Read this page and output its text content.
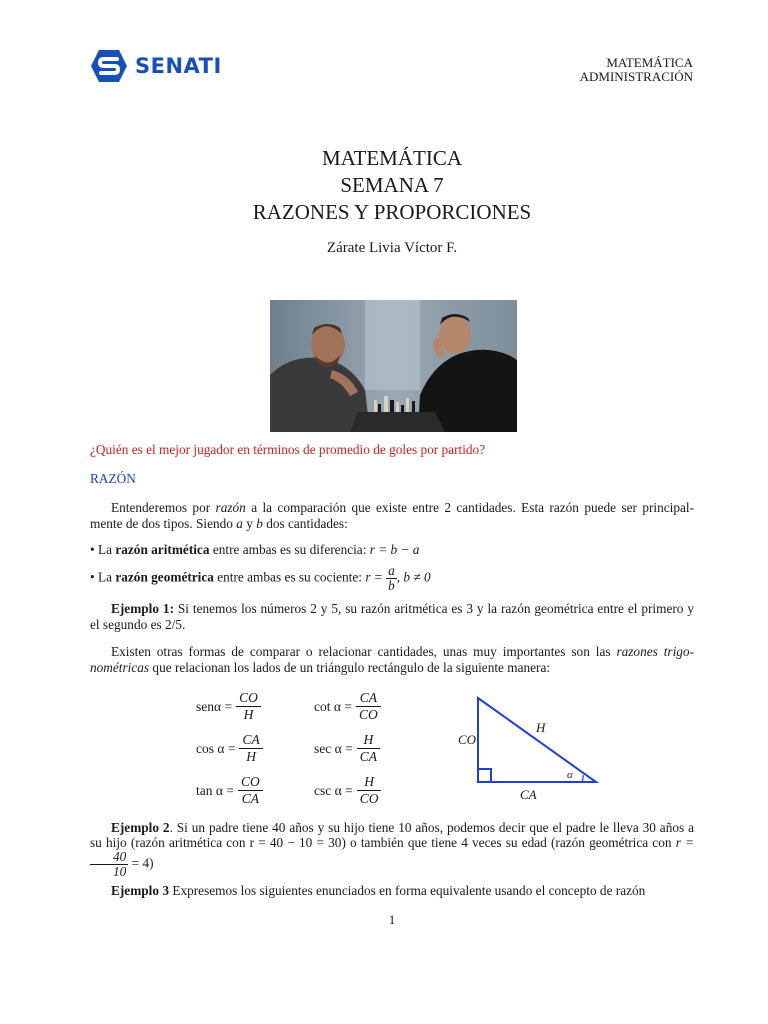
SENATI	MATEMÁTICA
ADMINISTRACIÓN
MATEMÁTICA
SEMANA 7
RAZONES Y PROPORCIONES
Zárate Livia Víctor F.
¿Quién es el mejor jugador en términos de promedio de goles por partido?
RAZÓN
Entenderemos por razón a la comparación que existe entre 2 cantidades. Esta razón puede ser principal-mente de dos tipos. Siendo a y b dos cantidades:
• La razón aritmética entre ambas es su diferencia: r = b − a
• La razón geométrica entre ambas es su cociente: $r = \frac{a}{b}$ , b ≠ 0
Ejemplo 1: Si tenemos los números 2 y 5, su razón aritmética es 3 y la razón geométrica entre el primero y el segundo es 2/5.
Existen otras formas de comparar o relacionar cantidades, unas muy importantes son las razones trigo-nométricas que relacionan los lados de un triángulo rectángulo de la siguiente manera:
$sen\alpha = \frac{CO}{H}$	$\cot \alpha = \frac{CA}{CO}$
$\cos \alpha = \frac{CA}{H}$	$\sec \alpha = \frac{H}{CA}$
$\tan \alpha = \frac{CO}{CA}$	$\csc \alpha = \frac{H}{CO}$
CO
H
CA
α
Ejemplo 2. Si un padre tiene 40 años y su hijo tiene 10 años, podemos decir que el padre le lleva 30 años a su hijo (razón aritmética con r = 40 − 10 = 30) o también que tiene 4 veces su edad (razón geométrica con r =
$\frac{40}{10} = 4$)
Ejemplo 3 Expresemos los siguientes enunciados en forma equivalente usando el concepto de razón
1
